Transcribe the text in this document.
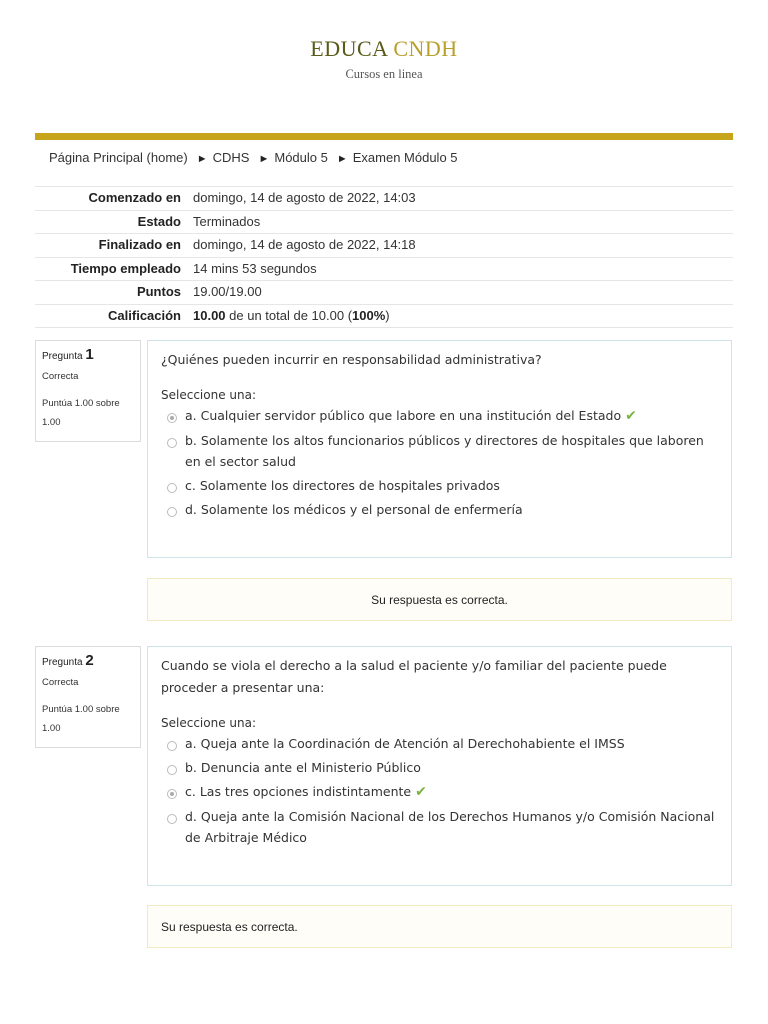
EDUCA CNDH
Cursos en linea
Página Principal (home) ► CDHS ► Módulo 5 ► Examen Módulo 5
Comenzado en	domingo, 14 de agosto de 2022, 14:03
Estado	Terminados
Finalizado en	domingo, 14 de agosto de 2022, 14:18
Tiempo empleado	14 mins 53 segundos
Puntos	19.00/19.00
Calificación	10.00 de un total de 10.00 (100%)
Pregunta 1
Correcta
Puntúa 1.00 sobre 1.00
¿Quiénes pueden incurrir en responsabilidad administrativa?
Seleccione una:
a. Cualquier servidor público que labore en una institución del Estado ✔
b. Solamente los altos funcionarios públicos y directores de hospitales que laboren en el sector salud
c. Solamente los directores de hospitales privados
d. Solamente los médicos y el personal de enfermería
Su respuesta es correcta.
Pregunta 2
Correcta
Puntúa 1.00 sobre 1.00
Cuando se viola el derecho a la salud el paciente y/o familiar del paciente puede proceder a presentar una:
Seleccione una:
a. Queja ante la Coordinación de Atención al Derechohabiente el IMSS
b. Denuncia ante el Ministerio Público
c. Las tres opciones indistintamente ✔
d. Queja ante la Comisión Nacional de los Derechos Humanos y/o Comisión Nacional de Arbitraje Médico
Su respuesta es correcta.
